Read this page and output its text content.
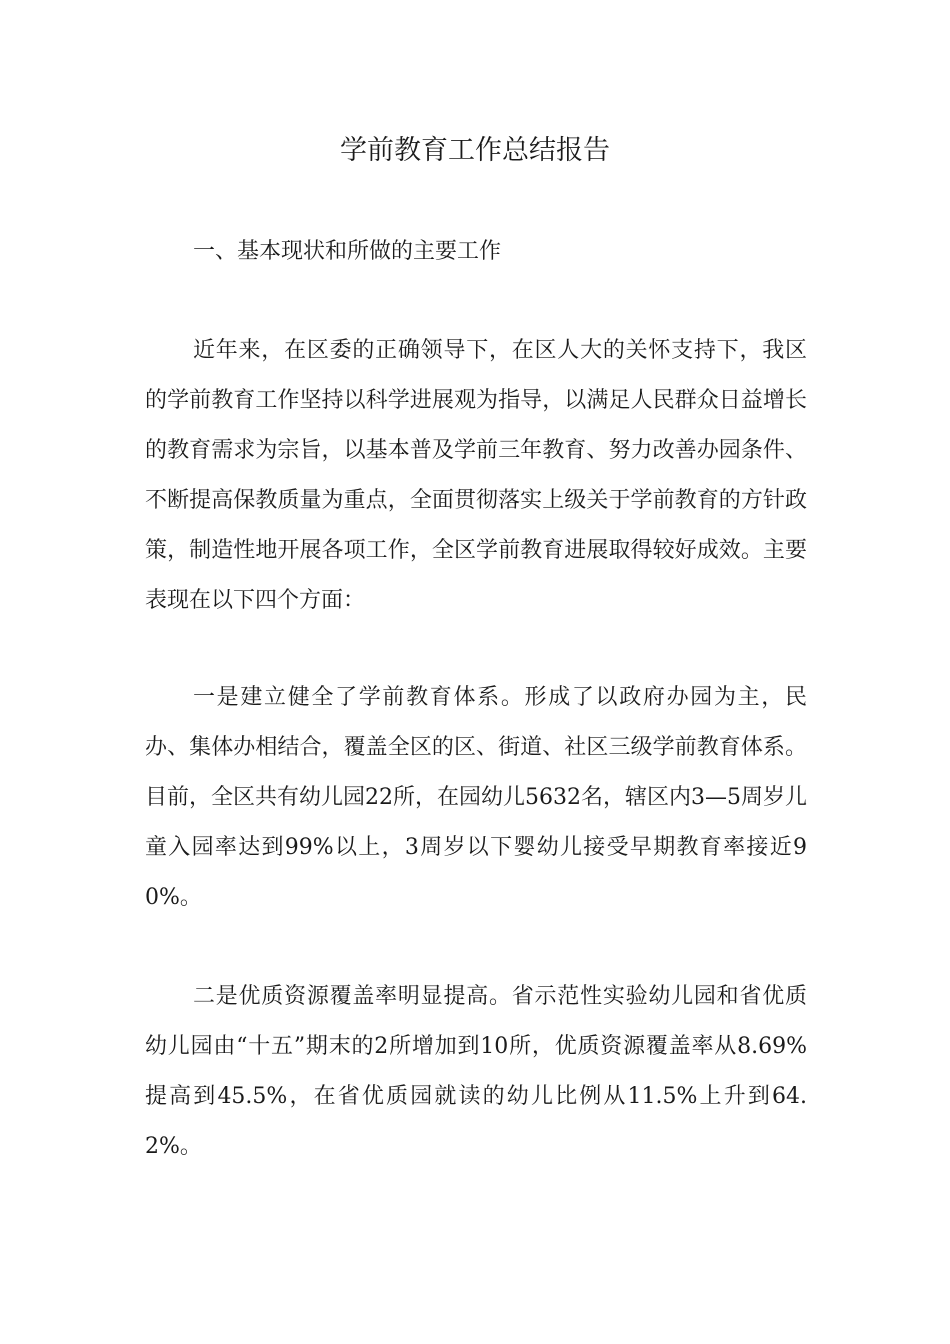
学前教育工作总结报告
一、基本现状和所做的主要工作

近年来，在区委的正确领导下，在区人大的关怀支持下，我区的学前教育工作坚持以科学进展观为指导，以满足人民群众日益增长的教育需求为宗旨，以基本普及学前三年教育、努力改善办园条件、不断提高保教质量为重点，全面贯彻落实上级关于学前教育的方针政策，制造性地开展各项工作，全区学前教育进展取得较好成效。主要表现在以下四个方面：

一是建立健全了学前教育体系。形成了以政府办园为主，民办、集体办相结合，覆盖全区的区、街道、社区三级学前教育体系。目前，全区共有幼儿园22所，在园幼儿5632名，辖区内3—5周岁儿童入园率达到99%以上，3周岁以下婴幼儿接受早期教育率接近90%。

二是优质资源覆盖率明显提高。省示范性实验幼儿园和省优质幼儿园由“十五”期末的2所增加到10所，优质资源覆盖率从8.69%提高到45.5%，在省优质园就读的幼儿比例从11.5%上升到64.2%。
